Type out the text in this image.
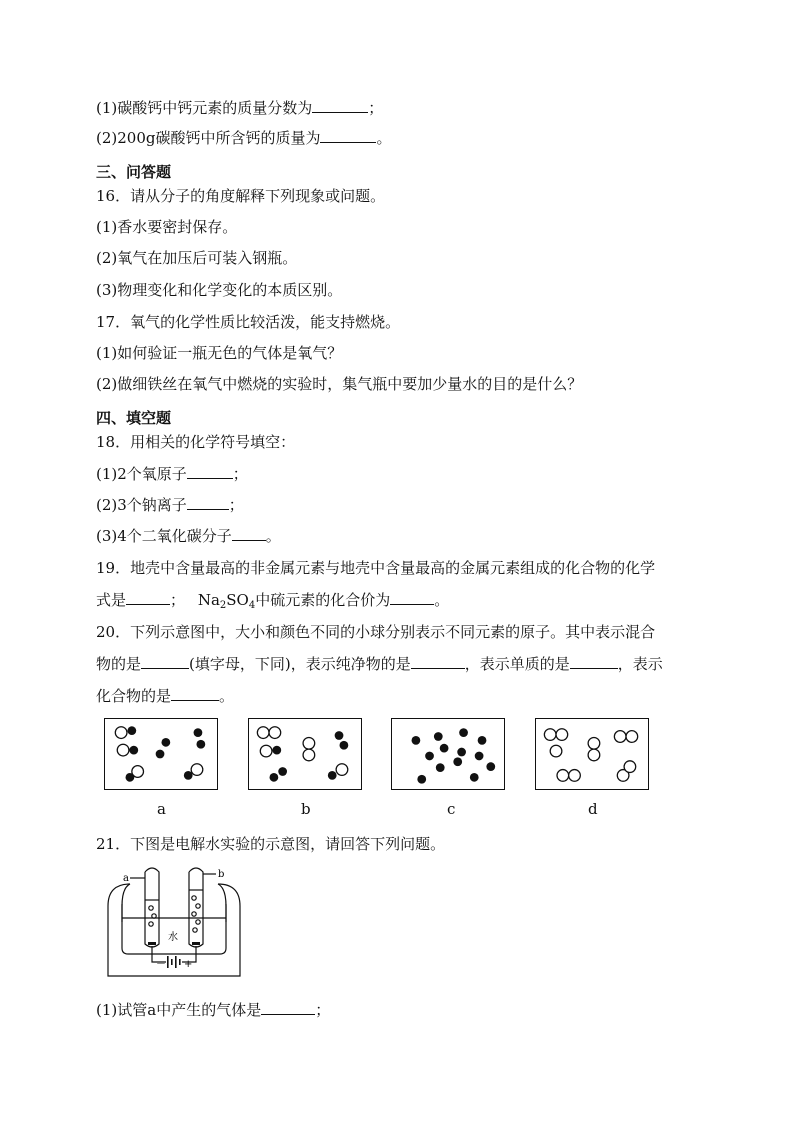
(1)碳酸钙中钙元素的质量分数为	；
(2)200g碳酸钙中所含钙的质量为	。
三、问答题
16．请从分子的角度解释下列现象或问题。
(1)香水要密封保存。
(2)氧气在加压后可装入钢瓶。
(3)物理变化和化学变化的本质区别。
17．氧气的化学性质比较活泼，能支持燃烧。
(1)如何验证一瓶无色的气体是氧气？
(2)做细铁丝在氧气中燃烧的实验时，集气瓶中要加少量水的目的是什么？
四、填空题
18．用相关的化学符号填空：
(1)2个氧原子	；
(2)3个钠离子	；
(3)4个二氧化碳分子 。
19．地壳中含量最高的非金属元素与地壳中含量最高的金属元素组成的化合物的化学
式是	； $Na_2SO_4$中硫元素的化合价为	。
20．下列示意图中，大小和颜色不同的小球分别表示不同元素的原子。其中表示混合
物的是	(填字母，下同)，表示纯净物的是	，表示单质的是	，表示
化合物的是	。
a	b	c	d
21．下图是电解水实验的示意图，请回答下列问题。
a	b
水
－ +
(1)试管a中产生的气体是	；
